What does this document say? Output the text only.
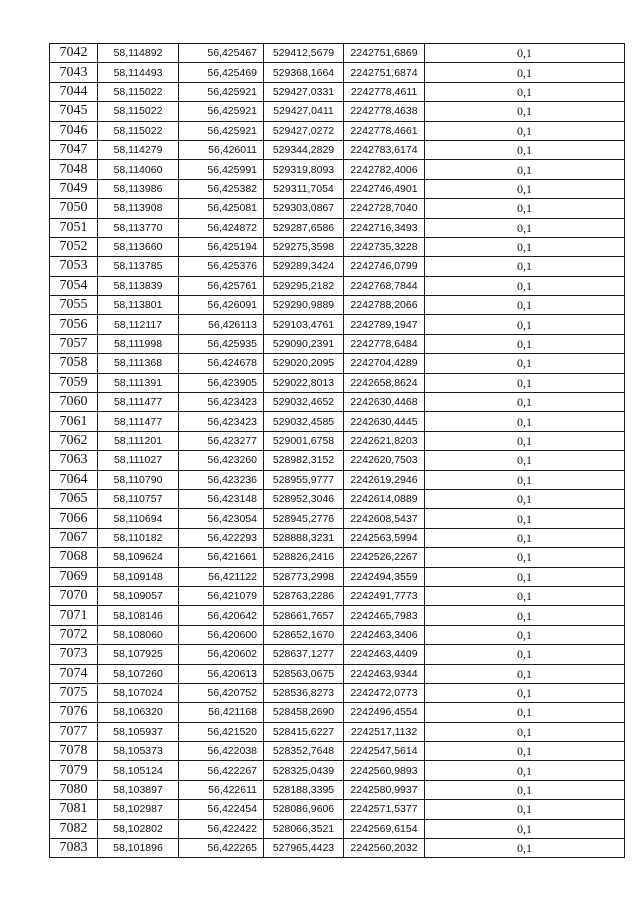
7042	58,114892	56,425467	529412,5679	2242751,6869	0,1
7043	58,114493	56,425469	529368,1664	2242751,6874	0,1
7044	58,115022	56,425921	529427,0331	2242778,4611	0,1
7045	58,115022	56,425921	529427,0411	2242778,4638	0,1
7046	58,115022	56,425921	529427,0272	2242778,4661	0,1
7047	58,114279	56,426011	529344,2829	2242783,6174	0,1
7048	58,114060	56,425991	529319,8093	2242782,4006	0,1
7049	58,113986	56,425382	529311,7054	2242746,4901	0,1
7050	58,113908	56,425081	529303,0867	2242728,7040	0,1
7051	58,113770	56,424872	529287,6586	2242716,3493	0,1
7052	58,113660	56,425194	529275,3598	2242735,3228	0,1
7053	58,113785	56,425376	529289,3424	2242746,0799	0,1
7054	58,113839	56,425761	529295,2182	2242768,7844	0,1
7055	58,113801	56,426091	529290,9889	2242788,2066	0,1
7056	58,112117	56,426113	529103,4761	2242789,1947	0,1
7057	58,111998	56,425935	529090,2391	2242778,6484	0,1
7058	58,111368	56,424678	529020,2095	2242704,4289	0,1
7059	58,111391	56,423905	529022,8013	2242658,8624	0,1
7060	58,111477	56,423423	529032,4652	2242630,4468	0,1
7061	58,111477	56,423423	529032,4585	2242630,4445	0,1
7062	58,111201	56,423277	529001,6758	2242621,8203	0,1
7063	58,111027	56,423260	528982,3152	2242620,7503	0,1
7064	58,110790	56,423236	528955,9777	2242619,2946	0,1
7065	58,110757	56,423148	528952,3046	2242614,0889	0,1
7066	58,110694	56,423054	528945,2776	2242608,5437	0,1
7067	58,110182	56,422293	528888,3231	2242563,5994	0,1
7068	58,109624	56,421661	528826,2416	2242526,2267	0,1
7069	58,109148	56,421122	528773,2998	2242494,3559	0,1
7070	58,109057	56,421079	528763,2286	2242491,7773	0,1
7071	58,108146	56,420642	528661,7657	2242465,7983	0,1
7072	58,108060	56,420600	528652,1670	2242463,3406	0,1
7073	58,107925	56,420602	528637,1277	2242463,4409	0,1
7074	58,107260	56,420613	528563,0675	2242463,9344	0,1
7075	58,107024	56,420752	528536,8273	2242472,0773	0,1
7076	58,106320	56,421168	528458,2690	2242496,4554	0,1
7077	58,105937	56,421520	528415,6227	2242517,1132	0,1
7078	58,105373	56,422038	528352,7648	2242547,5614	0,1
7079	58,105124	56,422267	528325,0439	2242560,9893	0,1
7080	58,103897	56,422611	528188,3395	2242580,9937	0,1
7081	58,102987	56,422454	528086,9606	2242571,5377	0,1
7082	58,102802	56,422422	528066,3521	2242569,6154	0,1
7083	58,101896	56,422265	527965,4423	2242560,2032	0,1
